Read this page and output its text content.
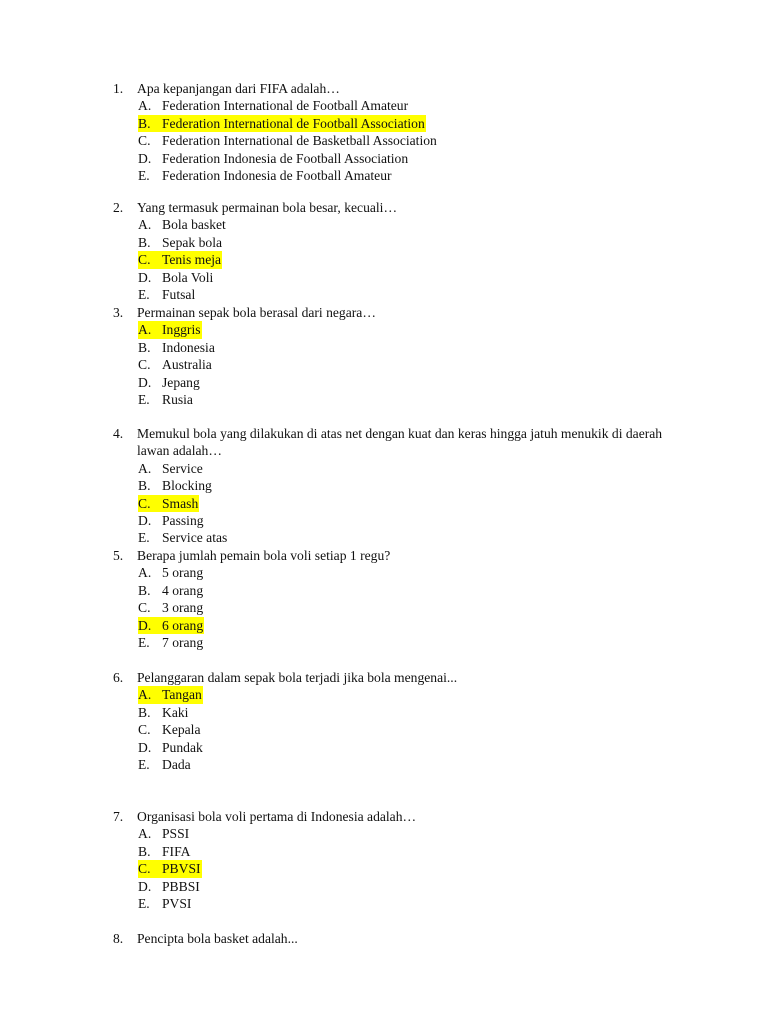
1. Apa kepanjangan dari FIFA adalah…
A. Federation International de Football Amateur
B. Federation International de Football Association
C. Federation International de Basketball Association
D. Federation Indonesia de Football Association
E. Federation Indonesia de Football Amateur
2. Yang termasuk permainan bola besar, kecuali…
A. Bola basket
B. Sepak bola
C. Tenis meja
D. Bola Voli
E. Futsal
3. Permainan sepak bola berasal dari negara…
A. Inggris
B. Indonesia
C. Australia
D. Jepang
E. Rusia
4. Memukul bola yang dilakukan di atas net dengan kuat dan keras hingga jatuh menukik di daerah lawan adalah…
A. Service
B. Blocking
C. Smash
D. Passing
E. Service atas
5. Berapa jumlah pemain bola voli setiap 1 regu?
A. 5 orang
B. 4 orang
C. 3 orang
D. 6 orang
E. 7 orang
6. Pelanggaran dalam sepak bola terjadi jika bola mengenai...
A. Tangan
B. Kaki
C. Kepala
D. Pundak
E. Dada
7. Organisasi bola voli pertama di Indonesia adalah…
A. PSSI
B. FIFA
C. PBVSI
D. PBBSI
E. PVSI
8. Pencipta bola basket adalah...
